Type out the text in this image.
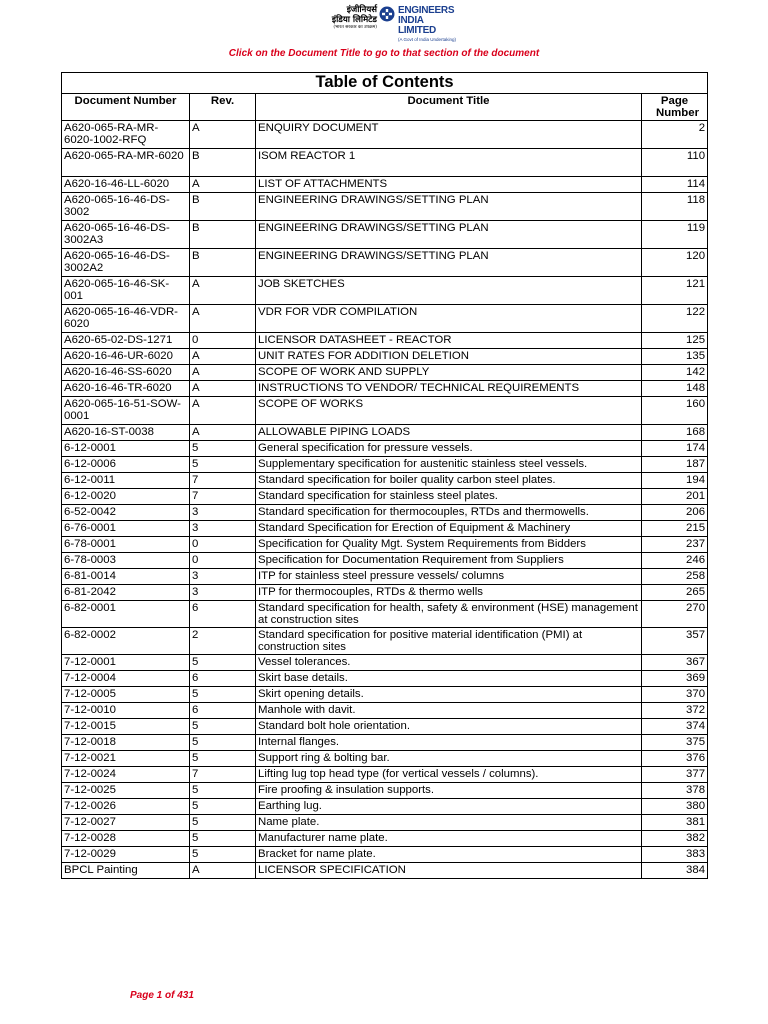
इंजीनियर्स
इंडिया लिमिटेड
(भारत सरकार का उपक्रम)
ENGINEERS
INDIA LIMITED
(A Govt of India Undertaking)
Click on the Document Title to go to that section of the document
Table of Contents			
Document Number	Rev.	Document Title	Page Number
A620-065-RA-MR-6020-1002-RFQ	A	ENQUIRY DOCUMENT	2
A620-065-RA-MR-6020	B	ISOM REACTOR 1	110
A620-16-46-LL-6020	A	LIST OF ATTACHMENTS	114
A620-065-16-46-DS-3002	B	ENGINEERING DRAWINGS/SETTING PLAN	118
A620-065-16-46-DS-3002A3	B	ENGINEERING DRAWINGS/SETTING PLAN	119
A620-065-16-46-DS-3002A2	B	ENGINEERING DRAWINGS/SETTING PLAN	120
A620-065-16-46-SK-001	A	JOB SKETCHES	121
A620-065-16-46-VDR-6020	A	VDR FOR VDR COMPILATION	122
A620-65-02-DS-1271	0	LICENSOR DATASHEET - REACTOR	125
A620-16-46-UR-6020	A	UNIT RATES FOR ADDITION DELETION	135
A620-16-46-SS-6020	A	SCOPE OF WORK AND SUPPLY	142
A620-16-46-TR-6020	A	INSTRUCTIONS TO VENDOR/ TECHNICAL REQUIREMENTS	148
A620-065-16-51-SOW-0001	A	SCOPE OF WORKS	160
A620-16-ST-0038	A	ALLOWABLE PIPING LOADS	168
6-12-0001	5	General specification for pressure vessels.	174
6-12-0006	5	Supplementary specification for austenitic stainless steel vessels.	187
6-12-0011	7	Standard specification for boiler quality carbon steel plates.	194
6-12-0020	7	Standard specification for stainless steel plates.	201
6-52-0042	3	Standard specification for thermocouples, RTDs and thermowells.	206
6-76-0001	3	Standard Specification for Erection of Equipment & Machinery	215
6-78-0001	0	Specification for Quality Mgt. System Requirements from Bidders	237
6-78-0003	0	Specification for Documentation Requirement from Suppliers	246
6-81-0014	3	ITP for stainless steel pressure vessels/ columns	258
6-81-2042	3	ITP for thermocouples, RTDs & thermo wells	265
6-82-0001	6	Standard specification for health, safety & environment (HSE) management at construction sites	270
6-82-0002	2	Standard specification for positive material identification (PMI) at construction sites	357
7-12-0001	5	Vessel tolerances.	367
7-12-0004	6	Skirt base details.	369
7-12-0005	5	Skirt opening details.	370
7-12-0010	6	Manhole with davit.	372
7-12-0015	5	Standard bolt hole orientation.	374
7-12-0018	5	Internal flanges.	375
7-12-0021	5	Support ring & bolting bar.	376
7-12-0024	7	Lifting lug top head type (for vertical vessels / columns).	377
7-12-0025	5	Fire proofing & insulation supports.	378
7-12-0026	5	Earthing lug.	380
7-12-0027	5	Name plate.	381
7-12-0028	5	Manufacturer name plate.	382
7-12-0029	5	Bracket for name plate.	383
BPCL Painting	A	LICENSOR SPECIFICATION	384
Page 1 of 431
